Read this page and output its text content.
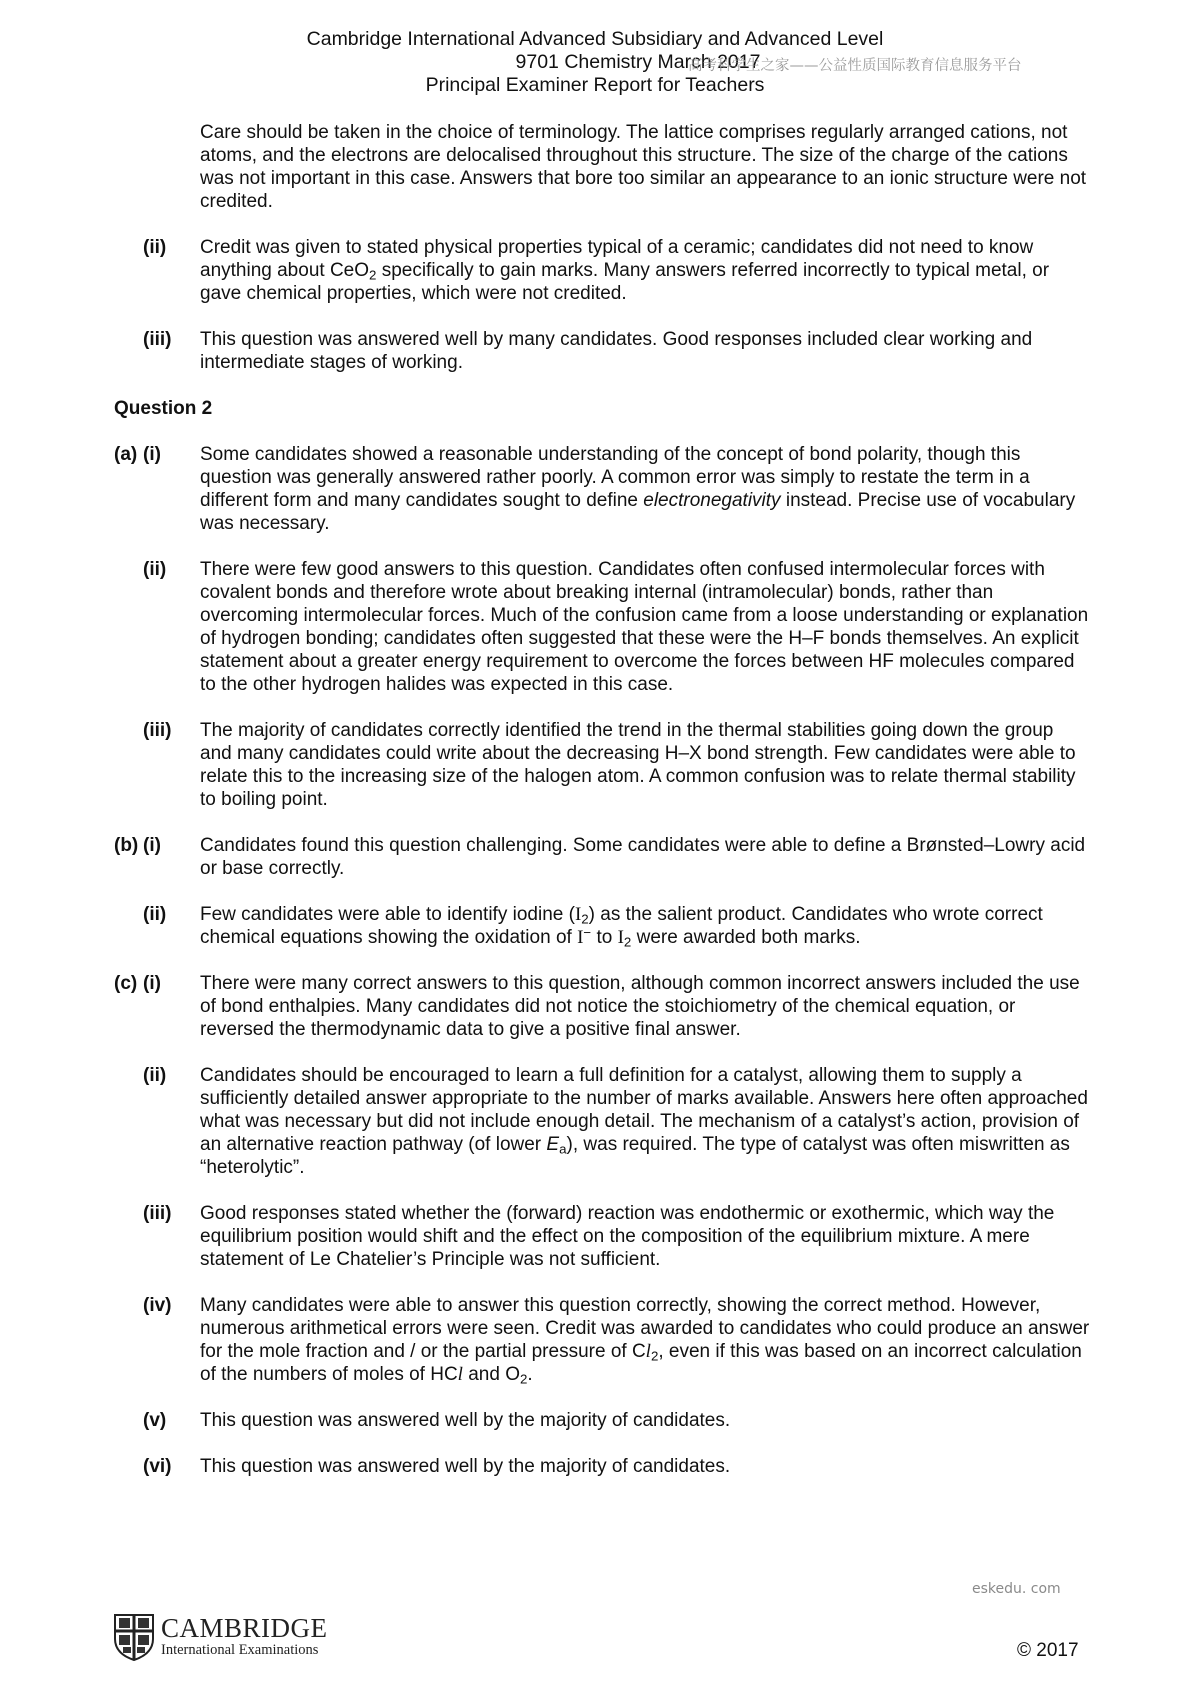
Cambridge International Advanced Subsidiary and Advanced Level
9701 Chemistry March 2017
Principal Examiner Report for Teachers
高考科学生之家——公益性质国际教育信息服务平台
Care should be taken in the choice of terminology. The lattice comprises regularly arranged cations, not atoms, and the electrons are delocalised throughout this structure. The size of the charge of the cations was not important in this case. Answers that bore too similar an appearance to an ionic structure were not credited.
(ii)	Credit was given to stated physical properties typical of a ceramic; candidates did not need to know anything about CeO$_2$ specifically to gain marks. Many answers referred incorrectly to typical metal, or gave chemical properties, which were not credited.
(iii)	This question was answered well by many candidates. Good responses included clear working and intermediate stages of working.
Question 2
(a) (i)	Some candidates showed a reasonable understanding of the concept of bond polarity, though this question was generally answered rather poorly. A common error was simply to restate the term in a different form and many candidates sought to define electronegativity instead. Precise use of vocabulary was necessary.
(ii)	There were few good answers to this question. Candidates often confused intermolecular forces with covalent bonds and therefore wrote about breaking internal (intramolecular) bonds, rather than overcoming intermolecular forces. Much of the confusion came from a loose understanding or explanation of hydrogen bonding; candidates often suggested that these were the H–F bonds themselves. An explicit statement about a greater energy requirement to overcome the forces between HF molecules compared to the other hydrogen halides was expected in this case.
(iii)	The majority of candidates correctly identified the trend in the thermal stabilities going down the group and many candidates could write about the decreasing H–X bond strength. Few candidates were able to relate this to the increasing size of the halogen atom. A common confusion was to relate thermal stability to boiling point.
(b) (i)	Candidates found this question challenging. Some candidates were able to define a Brønsted–Lowry acid or base correctly.
(ii)	Few candidates were able to identify iodine $(I_2)$ as the salient product. Candidates who wrote correct chemical equations showing the oxidation of I− to $I_2$ were awarded both marks.
(c) (i)	There were many correct answers to this question, although common incorrect answers included the use of bond enthalpies. Many candidates did not notice the stoichiometry of the chemical equation, or reversed the thermodynamic data to give a positive final answer.
(ii)	Candidates should be encouraged to learn a full definition for a catalyst, allowing them to supply a sufficiently detailed answer appropriate to the number of marks available. Answers here often approached what was necessary but did not include enough detail. The mechanism of a catalyst’s action, provision of an alternative reaction pathway (of lower $E_a$), was required. The type of catalyst was often miswritten as “heterolytic”.
(iii)	Good responses stated whether the (forward) reaction was endothermic or exothermic, which way the equilibrium position would shift and the effect on the composition of the equilibrium mixture. A mere statement of Le Chatelier’s Principle was not sufficient.
(iv)	Many candidates were able to answer this question correctly, showing the correct method. However, numerous arithmetical errors were seen. Credit was awarded to candidates who could produce an answer for the mole fraction and / or the partial pressure of $Cl_2$, even if this was based on an incorrect calculation of the numbers of moles of HCl and $O_2$.
(v)	This question was answered well by the majority of candidates.
(vi)	This question was answered well by the majority of candidates.
eskedu. com
CAMBRIDGE
International Examinations	© 2017
